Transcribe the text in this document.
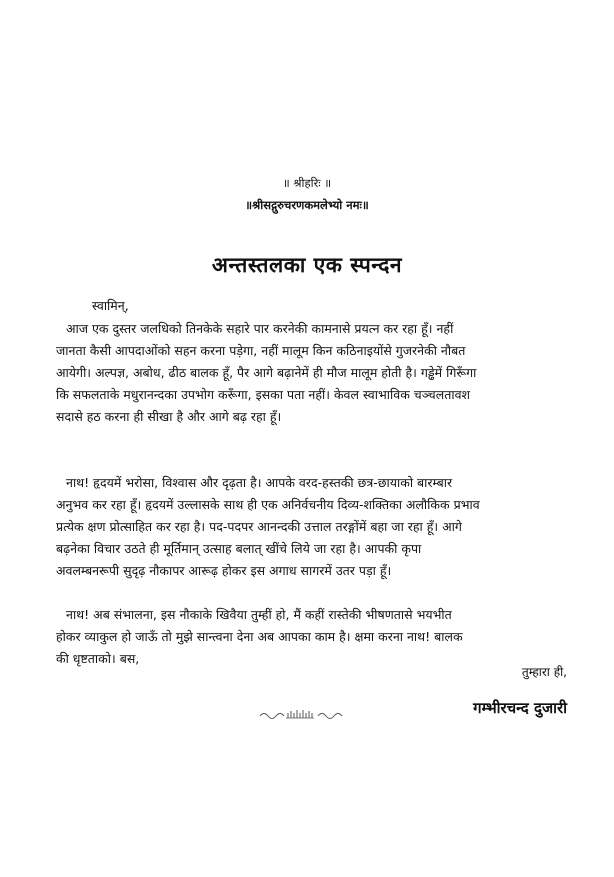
॥ श्रीहरिः ॥
॥श्रीसद्गुरुचरणकमलेभ्यो नमः॥
अन्तस्तलका एक स्पन्दन
स्वामिन्,
आज एक दुस्तर जलधिको तिनकेके सहारे पार करनेकी कामनासे प्रयत्न कर रहा हूँ। नहीं
जानता कैसी आपदाओंको सहन करना पड़ेगा, नहीं मालूम किन कठिनाइयोंसे गुजरनेकी नौबत
आयेगी। अल्पज्ञ, अबोध, ढीठ बालक हूँ, पैर आगे बढ़ानेमें ही मौज मालूम होती है। गड्ढेमें गिरूँगा
कि सफलताके मधुरानन्दका उपभोग करूँगा, इसका पता नहीं। केवल स्वाभाविक चञ्चलतावश
सदासे हठ करना ही सीखा है और आगे बढ़ रहा हूँ।
नाथ! हृदयमें भरोसा, विश्वास और दृढ़ता है। आपके वरद-हस्तकी छत्र-छायाको बारम्बार
अनुभव कर रहा हूँ। हृदयमें उल्लासके साथ ही एक अनिर्वचनीय दिव्य-शक्तिका अलौकिक प्रभाव
प्रत्येक क्षण प्रोत्साहित कर रहा है। पद-पदपर आनन्दकी उत्ताल तरङ्गोंमें बहा जा रहा हूँ। आगे
बढ़नेका विचार उठते ही मूर्तिमान् उत्साह बलात् खींचे लिये जा रहा है। आपकी कृपा
अवलम्बनरूपी सुदृढ़ नौकापर आरूढ़ होकर इस अगाध सागरमें उतर पड़ा हूँ।
नाथ! अब संभालना, इस नौकाके खिवैया तुम्हीं हो, मैं कहीं रास्तेकी भीषणतासे भयभीत
होकर व्याकुल हो जाऊँ तो मुझे सान्त्वना देना अब आपका काम है। क्षमा करना नाथ! बालक
की धृष्टताको। बस,
तुम्हारा ही,
गम्भीरचन्द दुजारी
